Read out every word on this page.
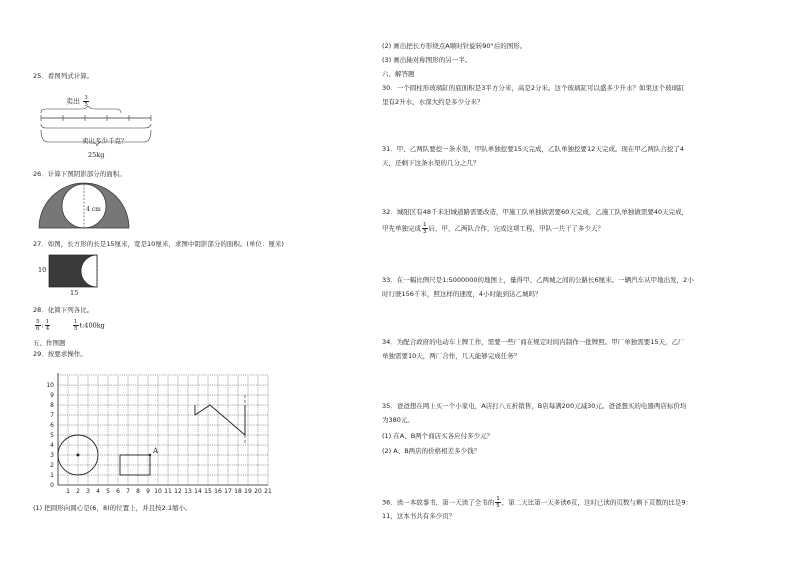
25．看图列式计算。
卖出 $\frac{3}{5}$
卖出多少千克？
25kg
26．计算下图阴影部分的面积。
4 cm
27．如图，长方形的长是15厘米，宽是10厘米，求图中阴影部分的面积。(单位：厘米)
10
15
28．化简下列各比。
$\frac{5}{6}$ : $\frac{1}{4}$	$\frac{1}{5}$ t:400kg
五、作图题
29．按要求操作。
A
10
9
8
7
6
5
4
3
2
1
0
1 2 3 4 5 6 7 8 9 10 11 12 13 14 15 16 17 18 19 20 21
(1) 把圆形向圆心是(6，8)的位置上，并且按2:1缩小。
(2) 画出把长方形绕点A顺时针旋转90°后的图形。
(3) 画出轴对称图形的另一半。
六、解答题
30．一个圆柱形玻璃缸的底面积是3平方分米，高是2分米。这个玻璃缸可以盛多少升水？如果这个玻璃缸
里有2升水，水深大约是多少分米？
31．甲、乙两队要挖一条水渠，甲队单独挖要15天完成，乙队单独挖要12天完成。现在甲乙两队合挖了4
天，还剩下这条水渠的几分之几？
32．城阳区有48千米旧城道路需要改造，甲施工队单独做需要60天完成，乙施工队单独做需要40天完成，
甲先单独完成 $\frac{1}{3}$ 后，甲、乙两队合作，完成这项工程，甲队一共干了多少天？
33．在一幅比例尺是1:5000000的地图上，量得甲、乙两城之间的公路长6厘米。一辆汽车从甲地出发，2小
时行驶156千米，照这样的速度，4小时能到达乙城吗？
34．为配合政府的电动车上牌工作，需要一些厂商在规定时间内制作一批牌照。甲厂单独需要15天，乙厂
单独需要10天，两厂合作，几天能够完成任务？
35．爸爸想在网上买一个小家电，A店打八五折销售，B店每满200元减30元。爸爸想买的电器两店标价均
为380元。
(1) 在A、B两个商店买各应付多少元？
(2) A、B两店的价格相差多少钱？
36．读一本故事书，第一天读了全书的 $\frac{1}{5}$ ，第二天比第一天多读6页，这时已读的页数与剩下页数的比是9：
11，这本书共有多少页？
